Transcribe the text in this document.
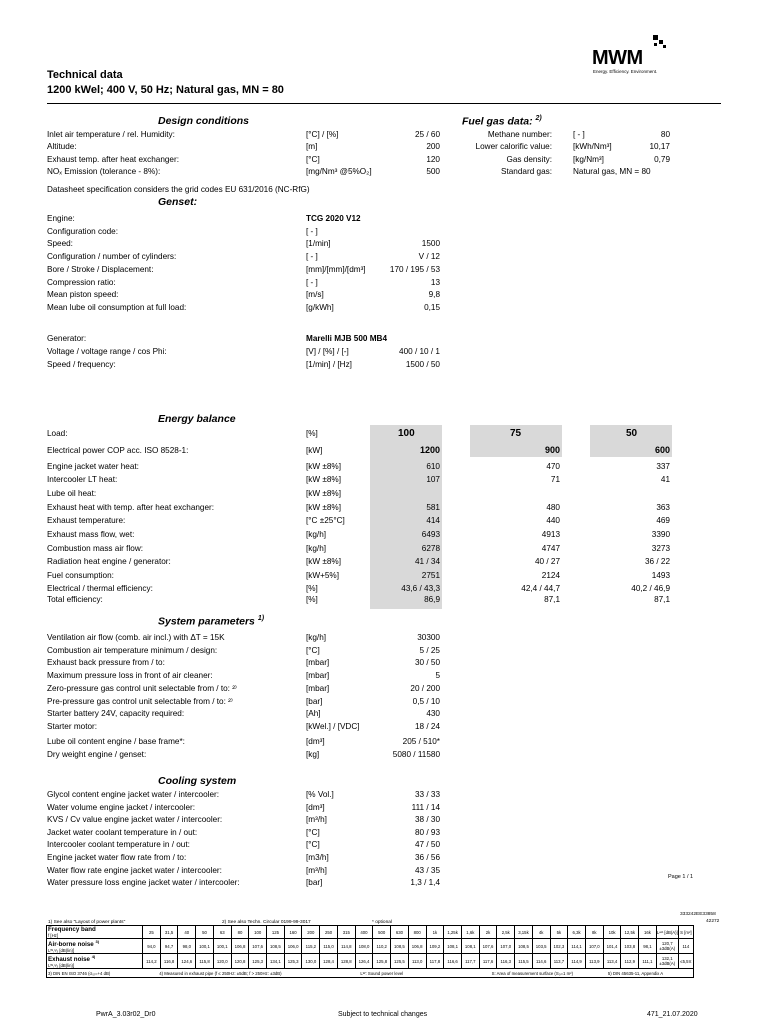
MWM
Energy. Efficiency. Environment.
Technical data
1200 kWel; 400 V, 50 Hz; Natural gas, MN = 80
Design conditions
Inlet air temperature / rel. Humidity:	[°C] / [%]	25 / 60
Altitude:	[m]	200
Exhaust temp. after heat exchanger:	[°C]	120
NOₓ Emission (tolerance - 8%):	[mg/Nm³ @5%O₂]	500
Datasheet specification considers the grid codes EU 631/2016 (NC-RfG)
Fuel gas data: $^{2)}$
Methane number:	[ - ]	80
Lower calorific value:	[kWh/Nm³]	10,17
Gas density:	[kg/Nm³]	0,79
Standard gas:	Natural gas, MN = 80
Genset:
Engine:	TCG 2020 V12
Configuration code:	[ - ]
Speed:	[1/min]	1500
Configuration / number of cylinders:	[ - ]	V / 12
Bore / Stroke / Displacement:	[mm]/[mm]/[dm³]	170 / 195 / 53
Compression ratio:	[ - ]	13
Mean piston speed:	[m/s]	9,8
Mean lube oil consumption at full load:	[g/kWh]	0,15
Generator:	Marelli MJB 500 MB4
Voltage / voltage range / cos Phi:	[V] / [%] / [-]	400 / 10 / 1
Speed / frequency:	[1/min] / [Hz]	1500 / 50
Energy balance
Load:	[%]	100	75	50
Electrical power COP acc. ISO 8528-1:	[kW]	1200	900	600
Engine jacket water heat:	[kW ±8%]	610	470	337
Intercooler LT heat:	[kW ±8%]	107	71	41
Lube oil heat:	[kW ±8%]
Exhaust heat with temp. after heat exchanger:	[kW ±8%]	581	480	363
Exhaust temperature:	[°C ±25°C]	414	440	469
Exhaust mass flow, wet:	[kg/h]	6493	4913	3390
Combustion mass air flow:	[kg/h]	6278	4747	3273
Radiation heat engine / generator:	[kW ±8%]	41 / 34	40 / 27	36 / 22
Fuel consumption:	[kW+5%]	2751	2124	1493
Electrical / thermal efficiency:	[%]	43,6 / 43,3	42,4 / 44,7	40,2 / 46,9
Total efficiency:	[%]	86,9	87,1	87,1
System parameters $^{1)}$
Ventilation air flow (comb. air incl.) with ΔT = 15K	[kg/h]	30300
Combustion air temperature minimum / design:	[°C]	5 / 25
Exhaust back pressure from / to:	[mbar]	30 / 50
Maximum pressure loss in front of air cleaner:	[mbar]	5
Zero-pressure gas control unit selectable from / to: ²⁾	[mbar]	20 / 200
Pre-pressure gas control unit selectable from / to: ²⁾	[bar]	0,5 / 10
Starter battery 24V, capacity required:	[Ah]	430
Starter motor:	[kWel.] / [VDC]	18 / 24
Lube oil content engine / base frame*:	[dm³]	205 / 510*
Dry weight engine / genset:	[kg]	5080 / 11580
Cooling system
Glycol content engine jacket water / intercooler:	[% Vol.]	33 / 33
Water volume engine jacket / intercooler:	[dm³]	111 / 14
KVS / Cv value engine jacket water / intercooler:	[m³/h]	38 / 30
Jacket water coolant temperature in / out:	[°C]	80 / 93
Intercooler coolant temperature in / out:	[°C]	47 / 50
Engine jacket water flow rate from / to:	[m3/h]	36 / 56
Water flow rate engine jacket water / intercooler:	[m³/h]	43 / 35
Water pressure loss engine jacket water / intercooler:	[bar]	1,3 / 1,4
Page 1 / 1
333242EE33858
42272
1) See also "Layout of power plants"	2) See also Techn. Circular 0199-99-3017	* optional
Frequency band
f [Hz]	25	31,5	40	50	63	80	100	125	160	200	250	315	400	500	630	800	1k	1,25k	1,6k	2k	2,5k	3,15k	4k	5k	6,3k	8k	10k	12,5k	16k	Lʷᴬ [dB(A)]	S [m²]
Air-borne noise $^{3)}$
Lᵂ,¹⁄₃ [dB(lin)]	94,0	94,7	98,0	100,1	100,1	106,8	107,6	108,5	106,0	115,2	115,0	114,8	108,0	110,2	108,5	106,8	109,2	108,1	108,1	107,6	107,0	108,5	103,5	102,3	114,1	107,0	101,4	103,8	98,1	120,7
±3dB(A)	114
Exhaust noise $^{4)}$
Lᵂ,¹⁄₃ [dB(lin)]	114,2	116,8	124,6	115,8	120,0	120,8	125,3	134,1	125,3	130,0	128,4	128,8	126,4	125,8	125,5	113,0	117,8	116,6	117,7	117,6	116,3	115,5	114,6	113,7	114,9	113,9	113,4	112,9	111,1	132,1
±3dB(A)	≤5,5π
3) DIN EN ISO 3746 (σ₀ᵣ=+4 dB) 4) Measured in exhaust pipe (f ≤ 250Hz: ±5dB; f > 250Hz: ±3dB) Lᵂ: Sound power level S: Area of measurement surface (S₀=1 m²) 5) DIN 45635-11, Appendix A																															
PwrA_3.03r02_Dr0	Subject to technical changes	471_21.07.2020
